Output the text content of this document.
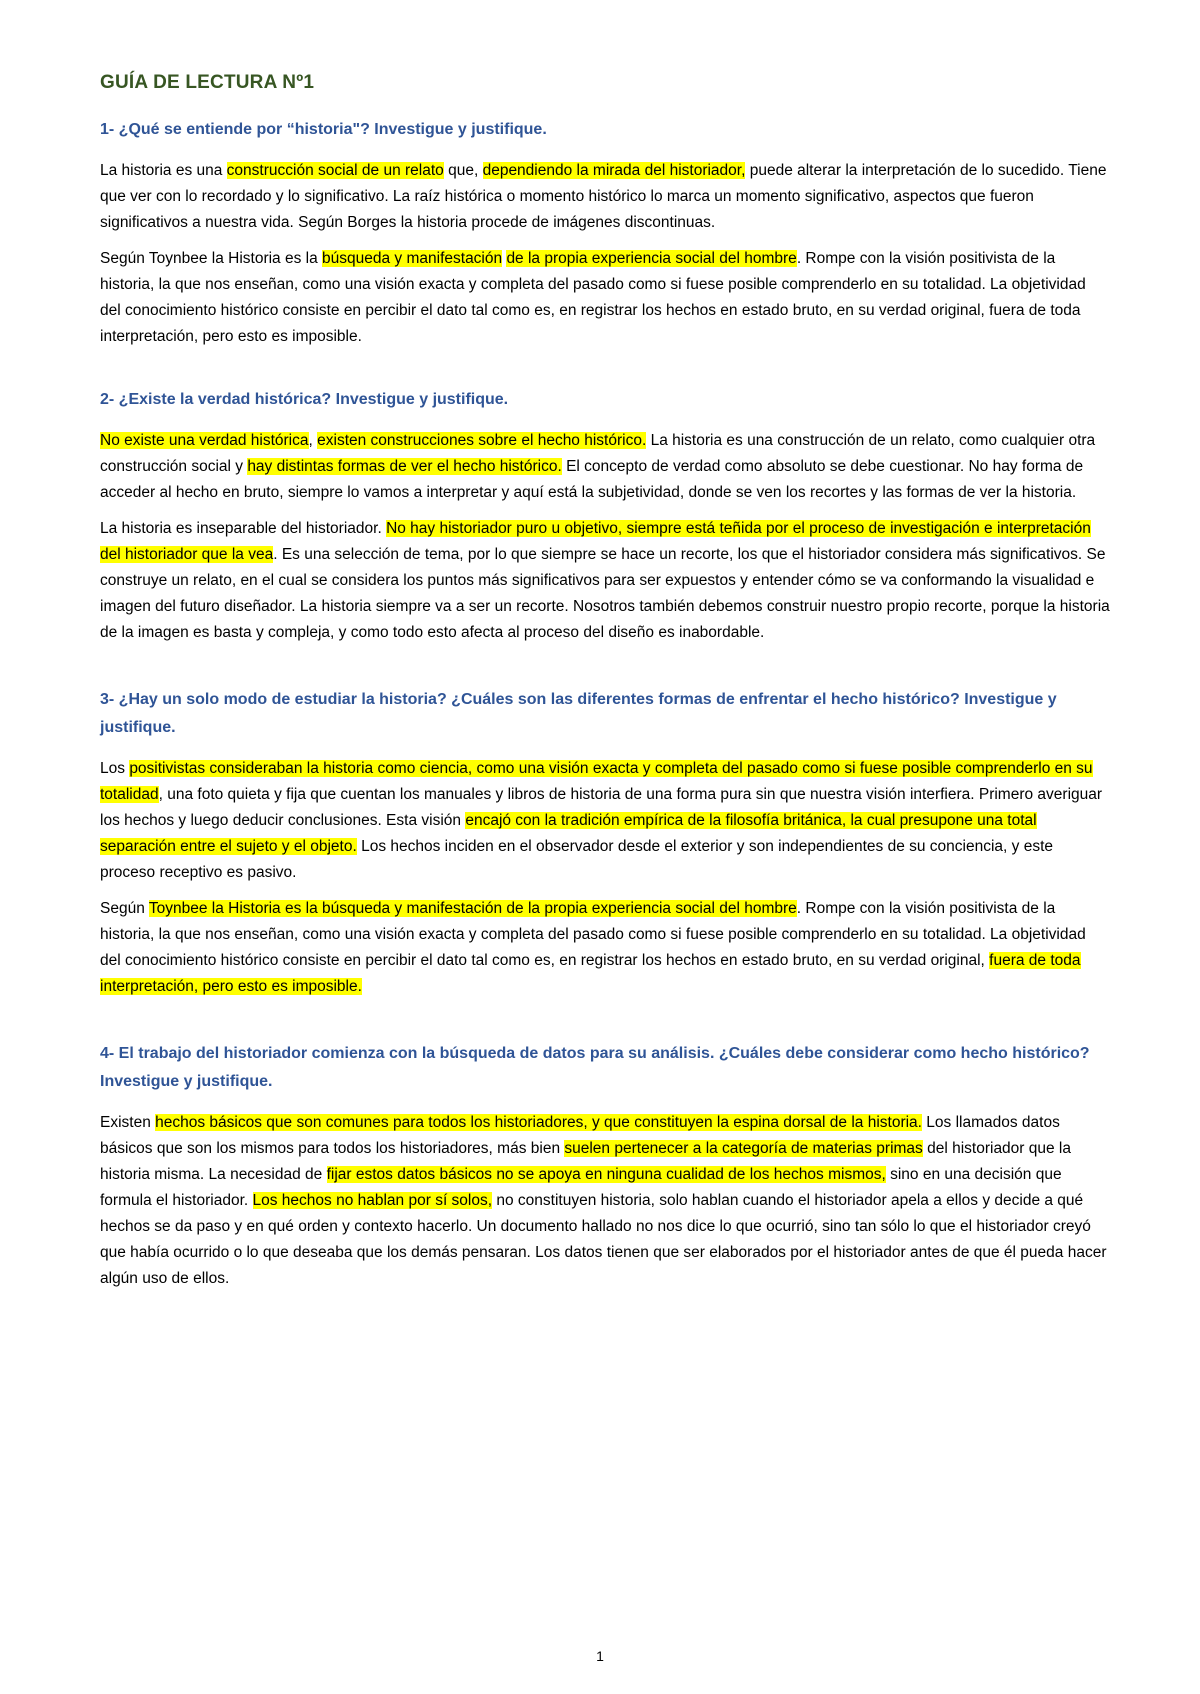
GUÍA DE LECTURA Nº1
1- ¿Qué se entiende por “historia"? Investigue y justifique.

La historia es una construcción social de un relato que, dependiendo la mirada del historiador, puede alterar la interpretación de lo sucedido. Tiene que ver con lo recordado y lo significativo. La raíz histórica o momento histórico lo marca un momento significativo, aspectos que fueron significativos a nuestra vida. Según Borges la historia procede de imágenes discontinuas.

Según Toynbee la Historia es la búsqueda y manifestación de la propia experiencia social del hombre. Rompe con la visión positivista de la historia, la que nos enseñan, como una visión exacta y completa del pasado como si fuese posible comprenderlo en su totalidad. La objetividad del conocimiento histórico consiste en percibir el dato tal como es, en registrar los hechos en estado bruto, en su verdad original, fuera de toda interpretación, pero esto es imposible.

2- ¿Existe la verdad histórica? Investigue y justifique.

No existe una verdad histórica, existen construcciones sobre el hecho histórico. La historia es una construcción de un relato, como cualquier otra construcción social y hay distintas formas de ver el hecho histórico. El concepto de verdad como absoluto se debe cuestionar. No hay forma de acceder al hecho en bruto, siempre lo vamos a interpretar y aquí está la subjetividad, donde se ven los recortes y las formas de ver la historia.

La historia es inseparable del historiador. No hay historiador puro u objetivo, siempre está teñida por el proceso de investigación e interpretación del historiador que la vea. Es una selección de tema, por lo que siempre se hace un recorte, los que el historiador considera más significativos. Se construye un relato, en el cual se considera los puntos más significativos para ser expuestos y entender cómo se va conformando la visualidad e imagen del futuro diseñador. La historia siempre va a ser un recorte. Nosotros también debemos construir nuestro propio recorte, porque la historia de la imagen es basta y compleja, y como todo esto afecta al proceso del diseño es inabordable.

3- ¿Hay un solo modo de estudiar la historia? ¿Cuáles son las diferentes formas de enfrentar el hecho histórico? Investigue y justifique.

Los positivistas consideraban la historia como ciencia, como una visión exacta y completa del pasado como si fuese posible comprenderlo en su totalidad, una foto quieta y fija que cuentan los manuales y libros de historia de una forma pura sin que nuestra visión interfiera. Primero averiguar los hechos y luego deducir conclusiones. Esta visión encajó con la tradición empírica de la filosofía británica, la cual presupone una total separación entre el sujeto y el objeto. Los hechos inciden en el observador desde el exterior y son independientes de su conciencia, y este proceso receptivo es pasivo.

Según Toynbee la Historia es la búsqueda y manifestación de la propia experiencia social del hombre. Rompe con la visión positivista de la historia, la que nos enseñan, como una visión exacta y completa del pasado como si fuese posible comprenderlo en su totalidad. La objetividad del conocimiento histórico consiste en percibir el dato tal como es, en registrar los hechos en estado bruto, en su verdad original, fuera de toda interpretación, pero esto es imposible.

4- El trabajo del historiador comienza con la búsqueda de datos para su análisis. ¿Cuáles debe considerar como hecho histórico? Investigue y justifique.

Existen hechos básicos que son comunes para todos los historiadores, y que constituyen la espina dorsal de la historia. Los llamados datos básicos que son los mismos para todos los historiadores, más bien suelen pertenecer a la categoría de materias primas del historiador que la historia misma. La necesidad de fijar estos datos básicos no se apoya en ninguna cualidad de los hechos mismos, sino en una decisión que formula el historiador. Los hechos no hablan por sí solos, no constituyen historia, solo hablan cuando el historiador apela a ellos y decide a qué hechos se da paso y en qué orden y contexto hacerlo. Un documento hallado no nos dice lo que ocurrió, sino tan sólo lo que el historiador creyó que había ocurrido o lo que deseaba que los demás pensaran. Los datos tienen que ser elaborados por el historiador antes de que él pueda hacer algún uso de ellos.

1
